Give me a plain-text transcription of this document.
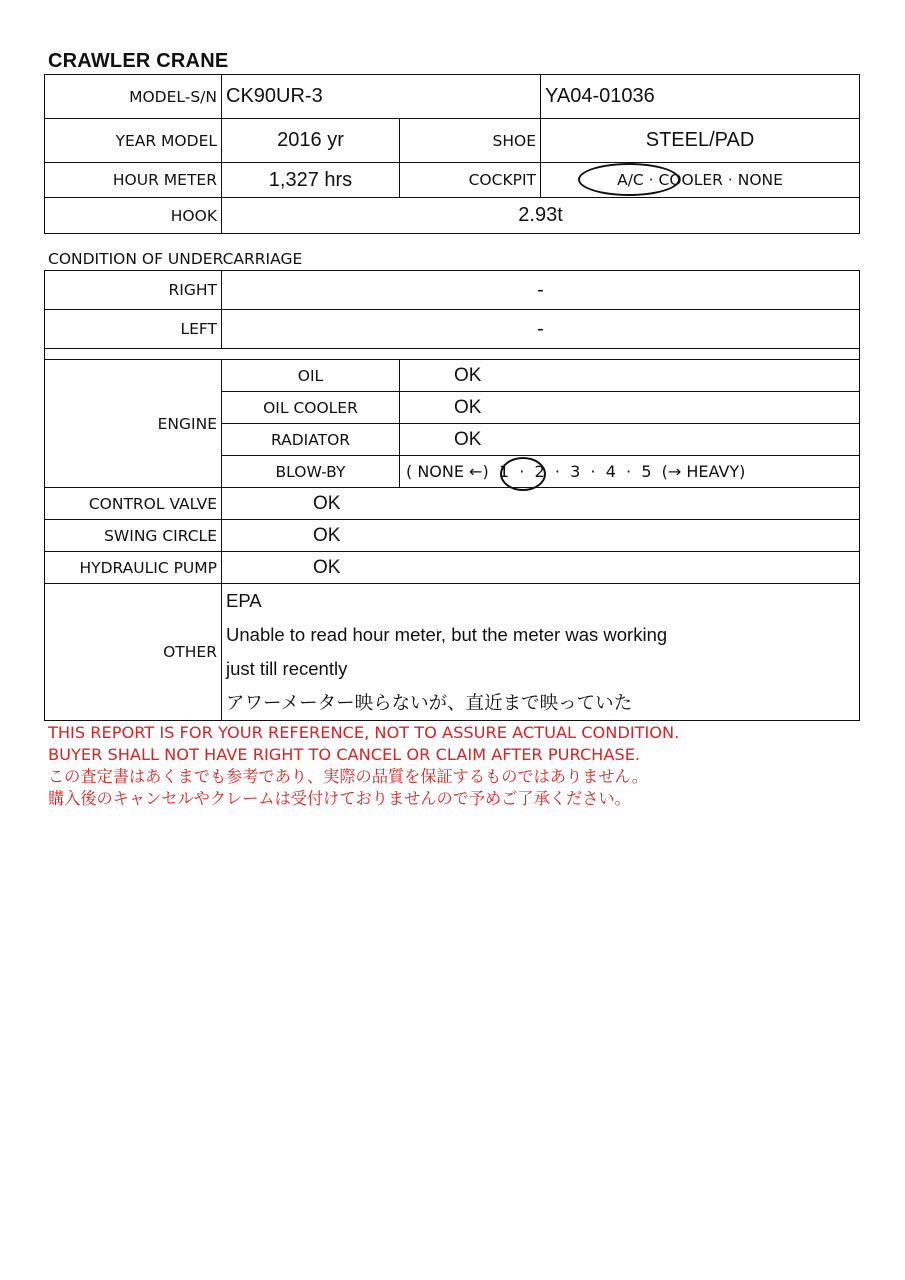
CRAWLER CRANE
MODEL-S/N	CK90UR-3		YA04-01036
YEAR MODEL	2016 yr	SHOE	STEEL/PAD
HOUR METER	1,327 hrs	COCKPIT	A/C · COOLER · NONE

HOOK	2.93t		
CONDITION OF UNDERCARRIAGE
RIGHT	-	
LEFT	-	

ENGINE	OIL	OK
	OIL COOLER	OK
	RADIATOR	OK
	BLOW-BY	( NONE ←)  1  ·  2  ·  3  ·  4  ·  5  (→ HEAVY)

CONTROL VALVE	OK	
SWING CIRCLE	OK	
HYDRAULIC PUMP	OK	
OTHER	EPA
Unable to read hour meter, but the meter was working
just till recently
アワーメーター映らないが、直近まで映っていた	
THIS REPORT IS FOR YOUR REFERENCE, NOT TO ASSURE ACTUAL CONDITION.
BUYER SHALL NOT HAVE RIGHT TO CANCEL OR CLAIM AFTER PURCHASE.
この査定書はあくまでも参考であり、実際の品質を保証するものではありません。
購入後のキャンセルやクレームは受付けておりませんので予めご了承ください。
